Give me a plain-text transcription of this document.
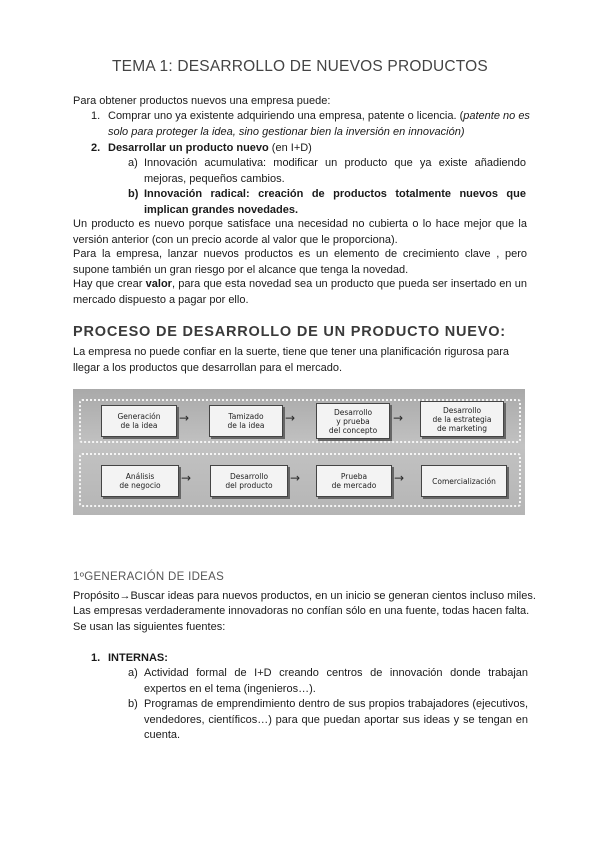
TEMA 1: DESARROLLO DE NUEVOS PRODUCTOS
Para obtener productos nuevos una empresa puede:
1. Comprar uno ya existente adquiriendo una empresa, patente o licencia. (patente no es solo para proteger la idea, sino gestionar bien la inversión en innovación)
2. Desarrollar un producto nuevo (en I+D)
a) Innovación acumulativa: modificar un producto que ya existe añadiendo mejoras, pequeños cambios.
b) Innovación radical: creación de productos totalmente nuevos que implican grandes novedades.
Un producto es nuevo porque satisface una necesidad no cubierta o lo hace mejor que la versión anterior (con un precio acorde al valor que le proporciona).
Para la empresa, lanzar nuevos productos es un elemento de crecimiento clave , pero supone también un gran riesgo por el alcance que tenga la novedad.
Hay que crear valor, para que esta novedad sea un producto que pueda ser insertado en un mercado dispuesto a pagar por ello.
PROCESO DE DESARROLLO DE UN PRODUCTO NUEVO:
La empresa no puede confiar en la suerte, tiene que tener una planificación rigurosa para llegar a los productos que desarrollan para el mercado.
Generación
de la idea
→	Tamizado
de la idea
→	Desarrollo
y prueba
del concepto
→
Desarrollo
de la estrategia
de marketing
Análisis
de negocio
→	Desarrollo
del producto
→	Prueba
de mercado
→	Comercialización
1ºGENERACIÓN DE IDEAS
Propósito→Buscar ideas para nuevos productos, en un inicio se generan cientos incluso miles.
Las empresas verdaderamente innovadoras no confían sólo en una fuente, todas hacen falta.
Se usan las siguientes fuentes:
1. INTERNAS:
a) Actividad formal de I+D creando centros de innovación donde trabajan expertos en el tema (ingenieros…).
b) Programas de emprendimiento dentro de sus propios trabajadores (ejecutivos, vendedores, científicos…) para que puedan aportar sus ideas y se tengan en cuenta.
